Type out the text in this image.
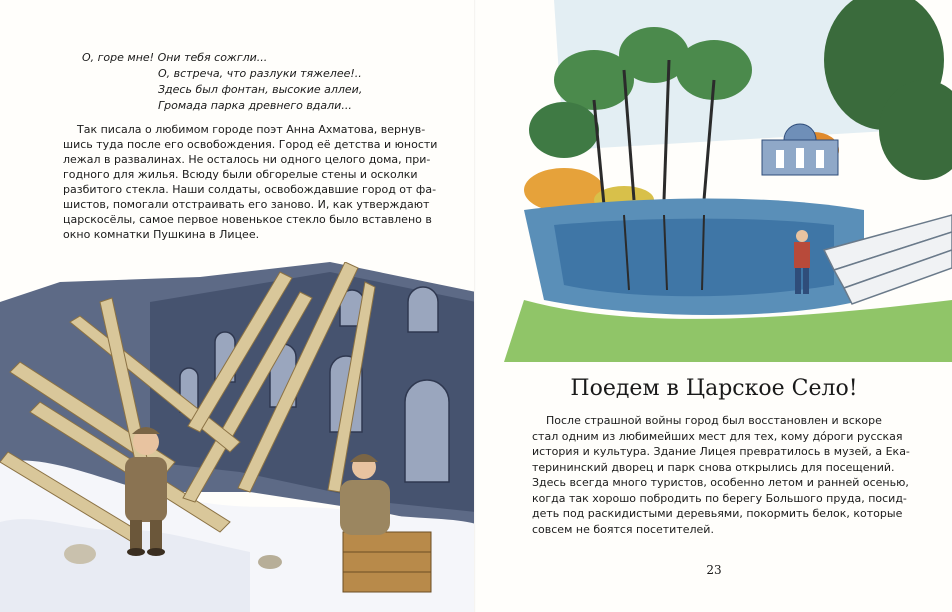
О, горе мне! Они тебя сожгли...
О, встреча, что разлуки тяжелее!..
Здесь был фонтан, высокие аллеи,
Громада парка древнего вдали...
Так писала о любимом городе поэт Анна Ахматова, вернув-
шись туда после его освобождения. Город её детства и юности
лежал в развалинах. Не осталось ни одного целого дома, при-
годного для жилья. Всюду были обгорелые стены и осколки
разбитого стекла. Наши солдаты, освобождавшие город от фа-
шистов, помогали отстраивать его заново. И, как утверждают
царскосёлы, самое первое новенькое стекло было вставлено в
окно комнатки Пушкина в Лицее.
Поедем в Царское Село!
После страшной войны город был восстановлен и вскоре
стал одним из любимейших мест для тех, кому дóроги русская
история и культура. Здание Лицея превратилось в музей, а Ека-
терининский дворец и парк снова открылись для посещений.
Здесь всегда много туристов, особенно летом и ранней осенью,
когда так хорошо побродить по берегу Большого пруда, посид-
деть под раскидистыми деревьями, покормить белок, которые
совсем не боятся посетителей.
23
